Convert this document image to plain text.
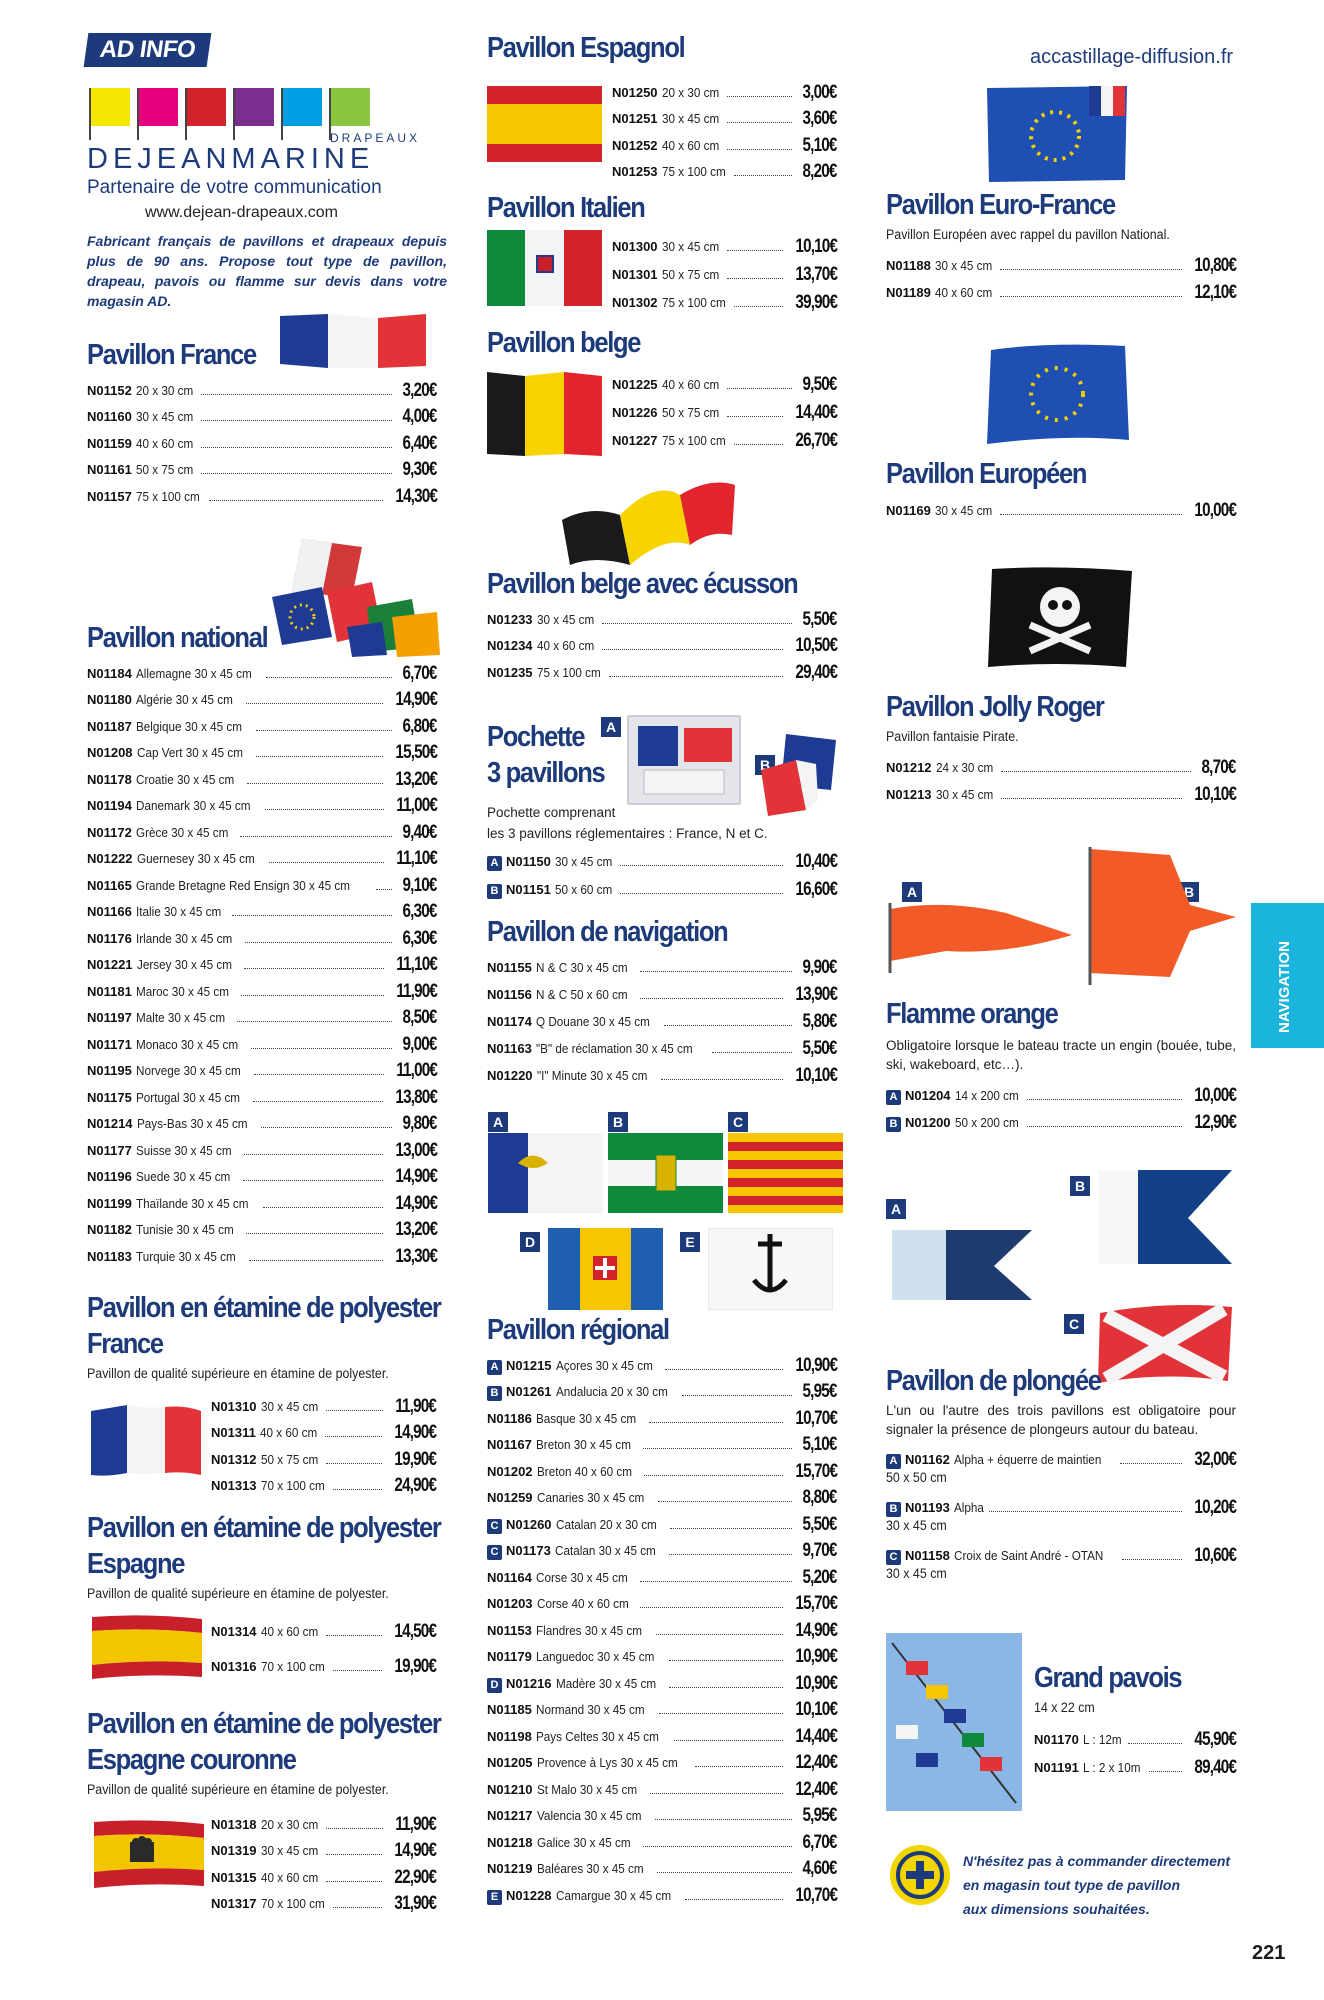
AD INFO
DRAPEAUX
DEJEANMARINE
Partenaire de votre communication
www.dejean-drapeaux.com
Fabricant français de pavillons et drapeaux depuis plus de 90 ans. Propose tout type de pavillon, drapeau, pavois ou flamme sur devis dans votre magasin AD.
Pavillon France
N01152 20 x 30 cm	3,20€
N01160 30 x 45 cm	4,00€
N01159 40 x 60 cm	6,40€
N01161 50 x 75 cm	9,30€
N01157 75 x 100 cm	14,30€
Pavillon national
N01184 Allemagne 30 x 45 cm	6,70€
N01180 Algérie 30 x 45 cm	14,90€
N01187 Belgique 30 x 45 cm	6,80€
N01208 Cap Vert 30 x 45 cm	15,50€
N01178 Croatie 30 x 45 cm	13,20€
N01194 Danemark 30 x 45 cm	11,00€
N01172 Grèce 30 x 45 cm	9,40€
N01222 Guernesey 30 x 45 cm	11,10€
N01165 Grande Bretagne Red Ensign 30 x 45 cm	9,10€
N01166 Italie 30 x 45 cm	6,30€
N01176 Irlande 30 x 45 cm	6,30€
N01221 Jersey 30 x 45 cm	11,10€
N01181 Maroc 30 x 45 cm	11,90€
N01197 Malte 30 x 45 cm	8,50€
N01171 Monaco 30 x 45 cm	9,00€
N01195 Norvege 30 x 45 cm	11,00€
N01175 Portugal 30 x 45 cm	13,80€
N01214 Pays-Bas 30 x 45 cm	9,80€
N01177 Suisse 30 x 45 cm	13,00€
N01196 Suede 30 x 45 cm	14,90€
N01199 Thaïlande 30 x 45 cm	14,90€
N01182 Tunisie 30 x 45 cm	13,20€
N01183 Turquie 30 x 45 cm	13,30€
Pavillon en étamine de polyester
France
Pavillon de qualité supérieure en étamine de polyester.
N01310 30 x 45 cm	11,90€
N01311 40 x 60 cm	14,90€
N01312 50 x 75 cm	19,90€
N01313 70 x 100 cm	24,90€
Pavillon en étamine de polyester
Espagne
Pavillon de qualité supérieure en étamine de polyester.
N01314 40 x 60 cm	14,50€
N01316 70 x 100 cm	19,90€
Pavillon en étamine de polyester
Espagne couronne
Pavillon de qualité supérieure en étamine de polyester.
N01318 20 x 30 cm	11,90€
N01319 30 x 45 cm	14,90€
N01315 40 x 60 cm	22,90€
N01317 70 x 100 cm	31,90€
Pavillon Espagnol
N01250 20 x 30 cm	3,00€
N01251 30 x 45 cm	3,60€
N01252 40 x 60 cm	5,10€
N01253 75 x 100 cm	8,20€
Pavillon Italien
N01300 30 x 45 cm	10,10€
N01301 50 x 75 cm	13,70€
N01302 75 x 100 cm	39,90€
Pavillon belge
N01225 40 x 60 cm	9,50€
N01226 50 x 75 cm	14,40€
N01227 75 x 100 cm	26,70€
Pavillon belge avec écusson
N01233 30 x 45 cm	5,50€
N01234 40 x 60 cm	10,50€
N01235 75 x 100 cm	29,40€
Pochette
3 pavillons
A
B
Pochette comprenant
les 3 pavillons réglementaires : France, N et C.
A N01150 30 x 45 cm	10,40€
B N01151 50 x 60 cm	16,60€
Pavillon de navigation
N01155 N & C 30 x 45 cm	9,90€
N01156 N & C 50 x 60 cm	13,90€
N01174 Q Douane 30 x 45 cm	5,80€
N01163 "B" de réclamation 30 x 45 cm	5,50€
N01220 "I" Minute 30 x 45 cm	10,10€
A	B	C
D	E
Pavillon régional
A N01215 Açores 30 x 45 cm	10,90€
B N01261 Andalucia 20 x 30 cm	5,95€
N01186 Basque 30 x 45 cm	10,70€
N01167 Breton 30 x 45 cm	5,10€
N01202 Breton 40 x 60 cm	15,70€
N01259 Canaries 30 x 45 cm	8,80€
C N01260 Catalan 20 x 30 cm	5,50€
C N01173 Catalan 30 x 45 cm	9,70€
N01164 Corse 30 x 45 cm	5,20€
N01203 Corse 40 x 60 cm	15,70€
N01153 Flandres 30 x 45 cm	14,90€
N01179 Languedoc 30 x 45 cm	10,90€
D N01216 Madère 30 x 45 cm	10,90€
N01185 Normand 30 x 45 cm	10,10€
N01198 Pays Celtes 30 x 45 cm	14,40€
N01205 Provence à Lys 30 x 45 cm	12,40€
N01210 St Malo 30 x 45 cm	12,40€
N01217 Valencia 30 x 45 cm	5,95€
N01218 Galice 30 x 45 cm	6,70€
N01219 Baléares 30 x 45 cm	4,60€
E N01228 Camargue 30 x 45 cm	10,70€
accastillage-diffusion.fr
Pavillon Euro-France
Pavillon Européen avec rappel du pavillon National.
N01188 30 x 45 cm	10,80€
N01189 40 x 60 cm	12,10€
Pavillon Européen
N01169 30 x 45 cm	10,00€
Pavillon Jolly Roger
Pavillon fantaisie Pirate.
N01212 24 x 30 cm	8,70€
N01213 30 x 45 cm	10,10€
A	B
Flamme orange
Obligatoire lorsque le bateau tracte un engin (bouée, tube, ski, wakeboard, etc…).
A N01204 14 x 200 cm	10,00€
B N01200 50 x 200 cm	12,90€
A
B
C
Pavillon de plongée
L'un ou l'autre des trois pavillons est obligatoire pour signaler la présence de plongeurs autour du bateau.
A N01162 Alpha + équerre de maintien	32,00€
50 x 50 cm
B N01193 Alpha	10,20€
30 x 45 cm
C N01158 Croix de Saint André - OTAN	10,60€
30 x 45 cm
Grand pavois
14 x 22 cm
N01170 L : 12m	45,90€
N01191 L : 2 x 10m	89,40€
N'hésitez pas à commander directement
en magasin tout type de pavillon
aux dimensions souhaitées.
NAVIGATION
221
